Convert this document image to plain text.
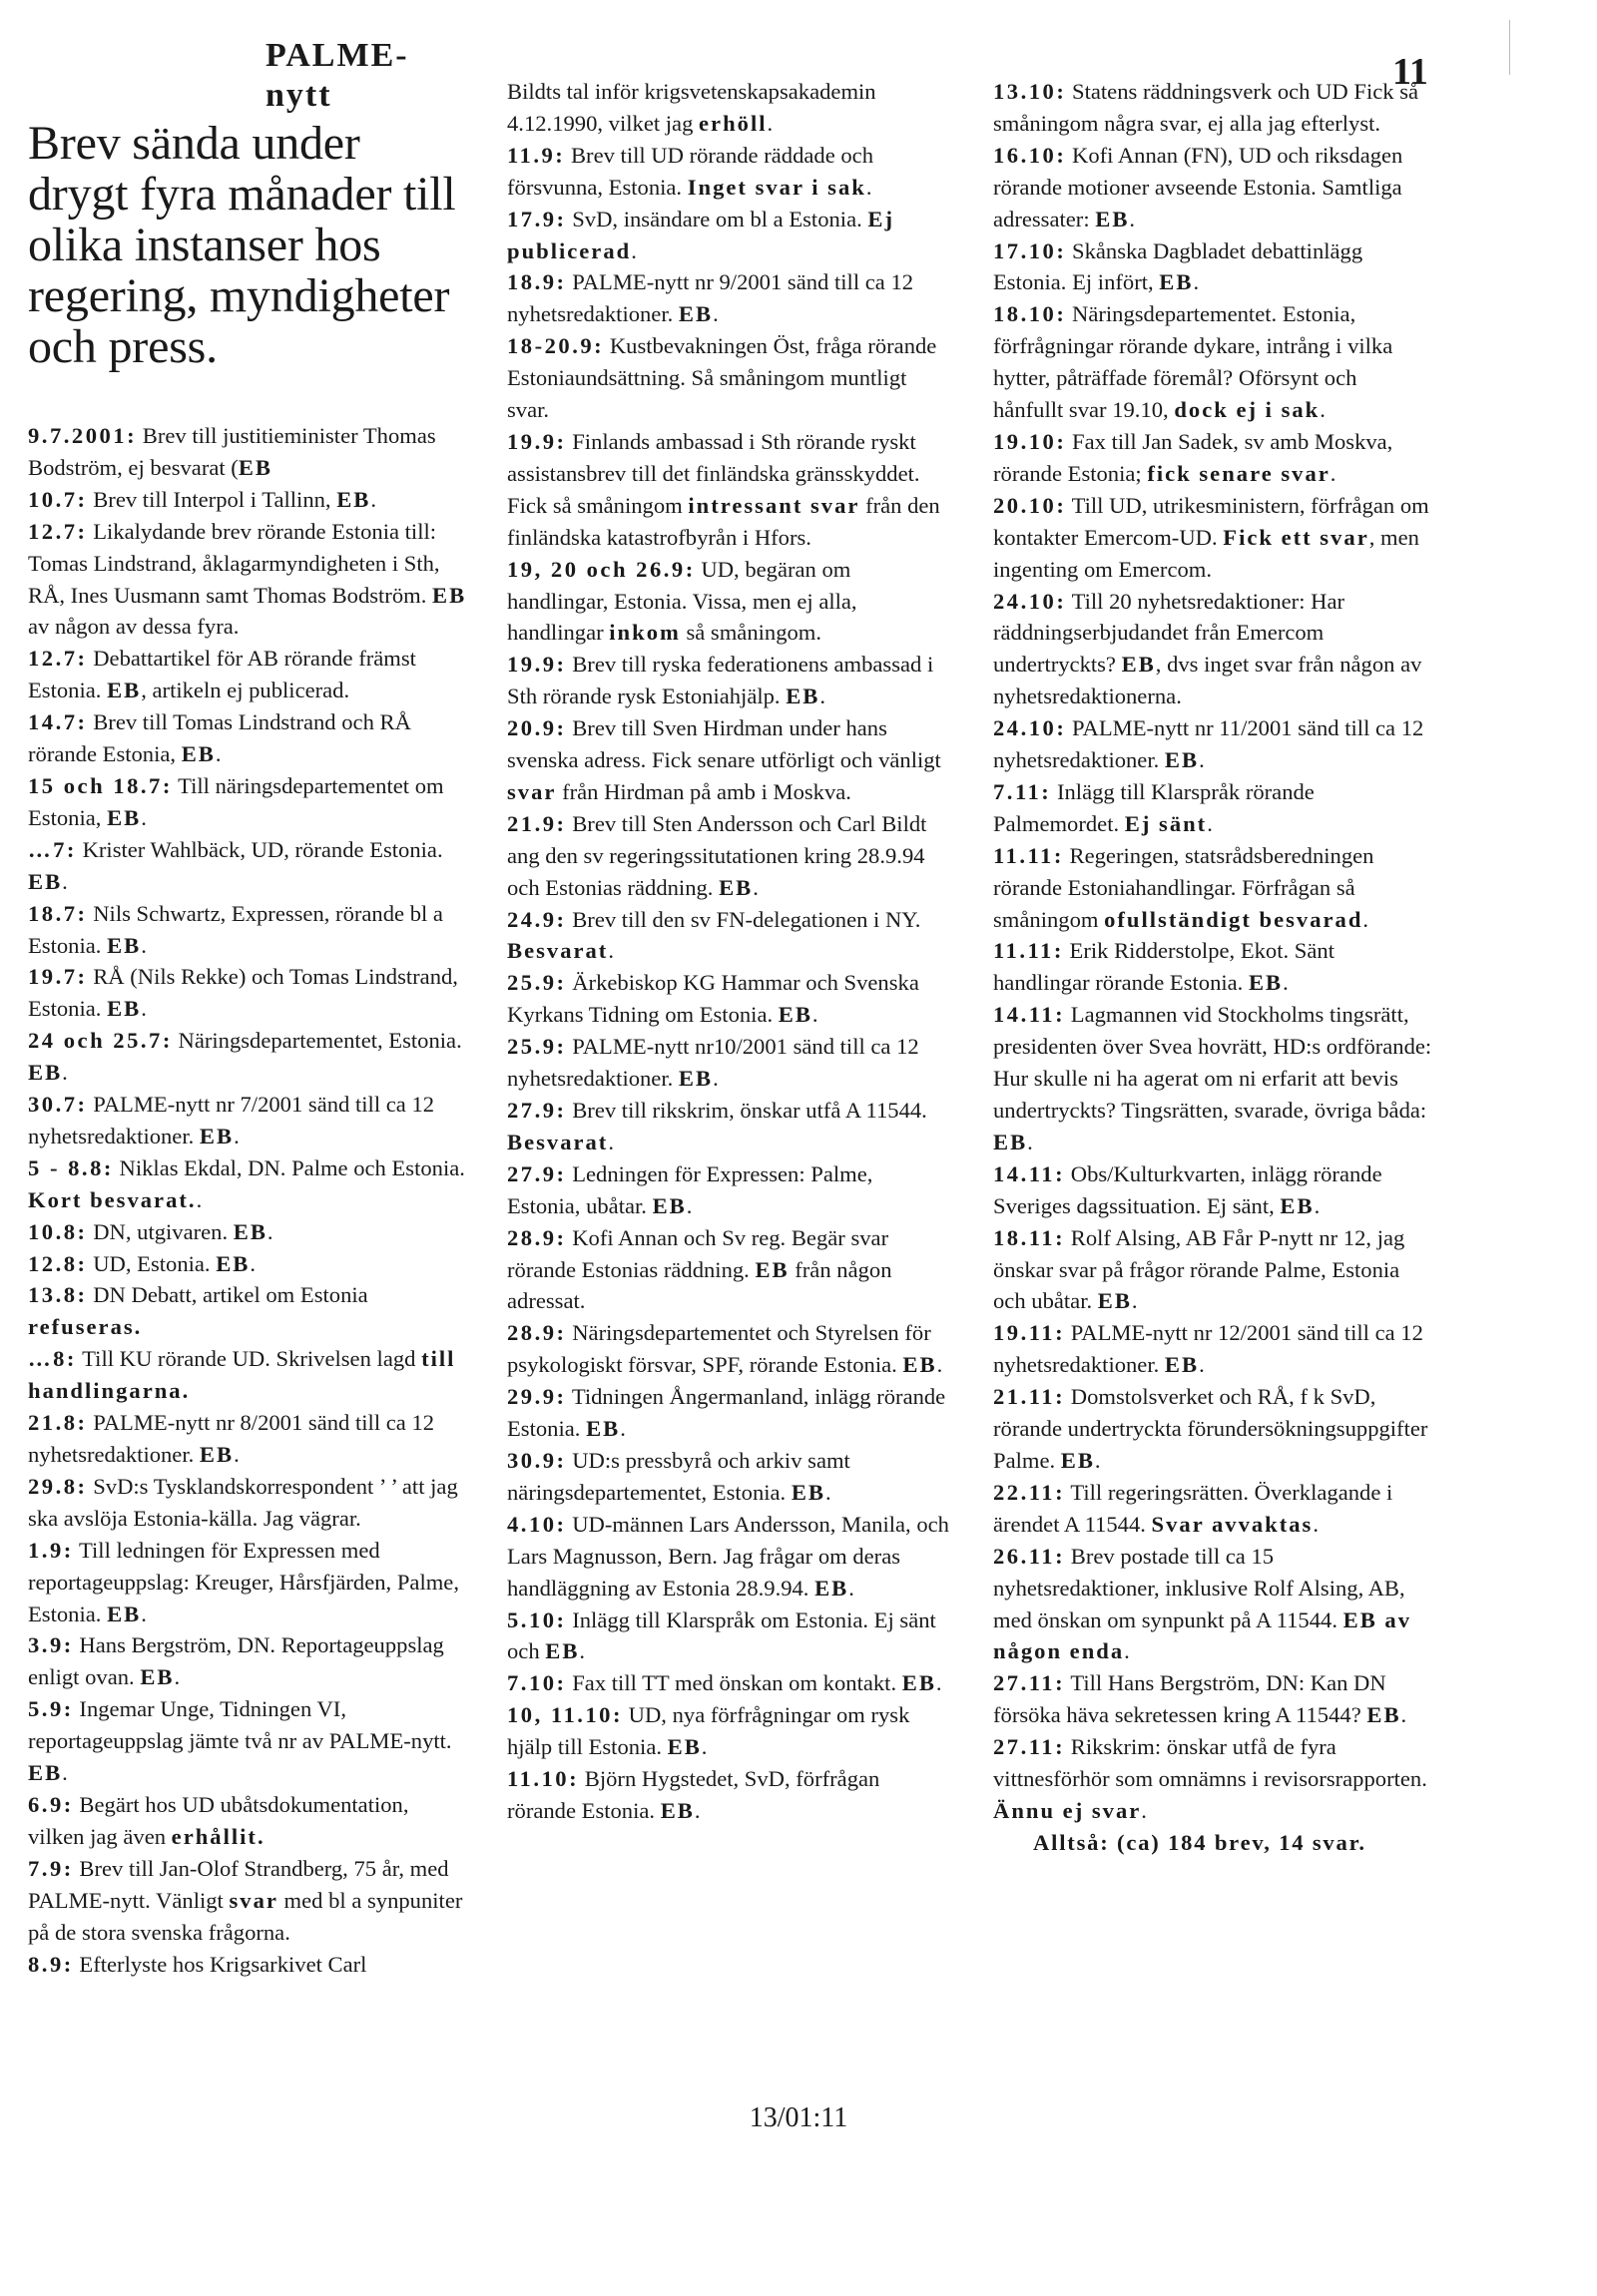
11
PALME-nytt
Brev sända under drygt fyra månader till olika instanser hos regering, myndigheter och press.

9.7.2001: Brev till justitieminister Thomas Bodström, ej besvarat (EB

10.7: Brev till Interpol i Tallinn, EB.

12.7: Likalydande brev rörande Estonia till: Tomas Lindstrand, åklagarmyndigheten i Sth, RÅ, Ines Uusmann samt Thomas Bodström. EB av någon av dessa fyra.

12.7: Debattartikel för AB rörande främst Estonia. EB, artikeln ej publicerad.

14.7: Brev till Tomas Lindstrand och RÅ rörande Estonia, EB.

15 och 18.7: Till näringsdepartementet om Estonia, EB.

…7: Krister Wahlbäck, UD, rörande Estonia. EB.

18.7: Nils Schwartz, Expressen, rörande bl a Estonia. EB.

19.7: RÅ (Nils Rekke) och Tomas Lindstrand, Estonia. EB.

24 och 25.7: Näringsdepartementet, Estonia. EB.

30.7: PALME-nytt nr 7/2001 sänd till ca 12 nyhetsredaktioner. EB.

5 - 8.8: Niklas Ekdal, DN. Palme och Estonia. Kort besvarat..

10.8: DN, utgivaren. EB.

12.8: UD, Estonia. EB.

13.8: DN Debatt, artikel om Estonia refuseras.

…8: Till KU rörande UD. Skrivelsen lagd till handlingarna.

21.8: PALME-nytt nr 8/2001 sänd till ca 12 nyhetsredaktioner. EB.

29.8: SvD:s Tysklandskorrespondent ’ ’ att jag ska avslöja Estonia-källa. Jag vägrar.

1.9: Till ledningen för Expressen med reportageuppslag: Kreuger, Hårsfjärden, Palme, Estonia. EB.

3.9: Hans Bergström, DN. Reportageuppslag enligt ovan. EB.

5.9: Ingemar Unge, Tidningen VI, reportageuppslag jämte två nr av PALME-nytt. EB.

6.9: Begärt hos UD ubåtsdokumentation, vilken jag även erhållit.

7.9: Brev till Jan-Olof Strandberg, 75 år, med PALME-nytt. Vänligt svar med bl a synpuniter på de stora svenska frågorna.

8.9: Efterlyste hos Krigsarkivet Carl

Bildts tal inför krigsvetenskapsakademin 4.12.1990, vilket jag erhöll.

11.9: Brev till UD rörande räddade och försvunna, Estonia. Inget svar i sak.

17.9: SvD, insändare om bl a Estonia. Ej publicerad.

18.9: PALME-nytt nr 9/2001 sänd till ca 12 nyhetsredaktioner. EB.

18-20.9: Kustbevakningen Öst, fråga rörande Estoniaundsättning. Så småningom muntligt svar.

19.9: Finlands ambassad i Sth rörande ryskt assistansbrev till det finländska gränsskyddet. Fick så småningom intressant svar från den finländska katastrofbyrån i Hfors.

19, 20 och 26.9: UD, begäran om handlingar, Estonia. Vissa, men ej alla, handlingar inkom så småningom.

19.9: Brev till ryska federationens ambassad i Sth rörande rysk Estoniahjälp. EB.

20.9: Brev till Sven Hirdman under hans svenska adress. Fick senare utförligt och vänligt svar från Hirdman på amb i Moskva.

21.9: Brev till Sten Andersson och Carl Bildt ang den sv regeringssitutationen kring 28.9.94 och Estonias räddning. EB.

24.9: Brev till den sv FN-delegationen i NY. Besvarat.

25.9: Ärkebiskop KG Hammar och Svenska Kyrkans Tidning om Estonia. EB.

25.9: PALME-nytt nr10/2001 sänd till ca 12 nyhetsredaktioner. EB.

27.9: Brev till rikskrim, önskar utfå A 11544. Besvarat.

27.9: Ledningen för Expressen: Palme, Estonia, ubåtar. EB.

28.9: Kofi Annan och Sv reg. Begär svar rörande Estonias räddning. EB från någon adressat.

28.9: Näringsdepartementet och Styrelsen för psykologiskt försvar, SPF, rörande Estonia. EB.

29.9: Tidningen Ångermanland, inlägg rörande Estonia. EB.

30.9: UD:s pressbyrå och arkiv samt näringsdepartementet, Estonia. EB.

4.10: UD-männen Lars Andersson, Manila, och Lars Magnusson, Bern. Jag frågar om deras handläggning av Estonia 28.9.94. EB.

5.10: Inlägg till Klarspråk om Estonia. Ej sänt och EB.

7.10: Fax till TT med önskan om kontakt. EB.

10, 11.10: UD, nya förfrågningar om rysk hjälp till Estonia. EB.

11.10: Björn Hygstedet, SvD, förfrågan rörande Estonia. EB.

13.10: Statens räddningsverk och UD Fick så småningom några svar, ej alla jag efterlyst.

16.10: Kofi Annan (FN), UD och riksdagen rörande motioner avseende Estonia. Samtliga adressater: EB.

17.10: Skånska Dagbladet debattinlägg Estonia. Ej infört, EB.

18.10: Näringsdepartementet. Estonia, förfrågningar rörande dykare, intrång i vilka hytter, påträffade föremål? Oförsynt och hånfullt svar 19.10, dock ej i sak.

19.10: Fax till Jan Sadek, sv amb Moskva, rörande Estonia; fick senare svar.

20.10: Till UD, utrikesministern, förfrågan om kontakter Emercom-UD. Fick ett svar, men ingenting om Emercom.

24.10: Till 20 nyhetsredaktioner: Har räddningserbjudandet från Emercom undertryckts? EB, dvs inget svar från någon av nyhetsredaktionerna.

24.10: PALME-nytt nr 11/2001 sänd till ca 12 nyhetsredaktioner. EB.

7.11: Inlägg till Klarspråk rörande Palmemordet. Ej sänt.

11.11: Regeringen, statsrådsberedningen rörande Estoniahandlingar. Förfrågan så småningom ofullständigt besvarad.

11.11: Erik Ridderstolpe, Ekot. Sänt handlingar rörande Estonia. EB.

14.11: Lagmannen vid Stockholms tingsrätt, presidenten över Svea hovrätt, HD:s ordförande: Hur skulle ni ha agerat om ni erfarit att bevis undertryckts? Tingsrätten, svarade, övriga båda: EB.

14.11: Obs/Kulturkvarten, inlägg rörande Sveriges dagssituation. Ej sänt, EB.

18.11: Rolf Alsing, AB Får P-nytt nr 12, jag önskar svar på frågor rörande Palme, Estonia och ubåtar. EB.

19.11: PALME-nytt nr 12/2001 sänd till ca 12 nyhetsredaktioner. EB.

21.11: Domstolsverket och RÅ, f k SvD, rörande undertryckta förundersökningsuppgifter Palme. EB.

22.11: Till regeringsrätten. Överklagande i ärendet A 11544. Svar avvaktas.

26.11: Brev postade till ca 15 nyhetsredaktioner, inklusive Rolf Alsing, AB, med önskan om synpunkt på A 11544. EB av någon enda.

27.11: Till Hans Bergström, DN: Kan DN försöka häva sekretessen kring A 11544? EB.

27.11: Rikskrim: önskar utfå de fyra vittnesförhör som omnämns i revisorsrapporten. Ännu ej svar.

Alltså: (ca) 184 brev, 14 svar.

13/01:11
